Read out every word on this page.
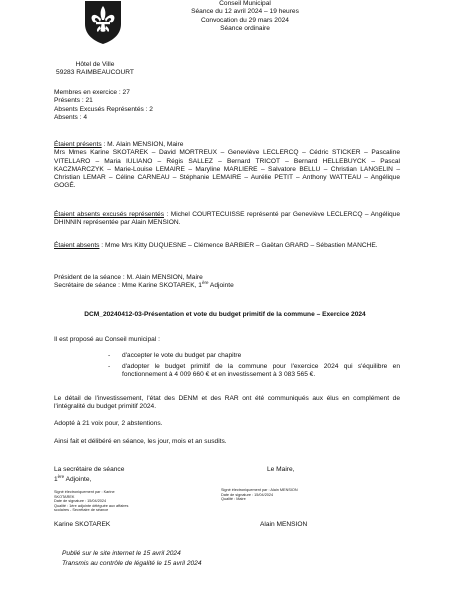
Conseil Municipal
Séance du 12 avril 2024 – 19 heures
Convocation du 29 mars 2024
Séance ordinaire
Hôtel de Ville
59283 RAIMBEAUCOURT
Membres en exercice : 27
Présents : 21
Absents Excusés Représentés : 2
Absents : 4
Étaient présents : M. Alain MENSION, Maire
Mrs Mmes Karine SKOTAREK – David MORTREUX – Geneviève LECLERCQ – Cédric STICKER – Pascaline VITELLARO – Maria IULIANO – Régis SALLEZ – Bernard TRICOT – Bernard HELLEBUYCK – Pascal KACZMARCZYK – Marie-Louise LEMAIRE – Maryline MARLIERE – Salvatore BELLU – Christian LANGELIN – Christian LEMAR – Céline CARNEAU – Stéphanie LEMAIRE – Aurélie PETIT – Anthony WATTEAU – Angélique GOGÉ.
Étaient absents excusés représentés : Michel COURTECUISSE représenté par Geneviève LECLERCQ – Angélique DHINNIN représentée par Alain MENSION.
Étaient absents : Mme Mrs Kitty DUQUESNE – Clémence BARBIER – Gaëtan GRARD – Sébastien MANCHE.
Président de la séance : M. Alain MENSION, Maire
Secrétaire de séance : Mme Karine SKOTAREK, 1ère Adjointe
DCM_20240412-03-Présentation et vote du budget primitif de la commune – Exercice 2024
Il est proposé au Conseil municipal :
- d'accepter le vote du budget par chapitre
- d'adopter le budget primitif de la commune pour l'exercice 2024 qui s'équilibre en fonctionnement à 4 009 660 € et en investissement à 3 083 565 €.
Le détail de l'investissement, l'état des DENM et des RAR ont été communiqués aux élus en complément de l'intégralité du budget primitif 2024.
Adopté à 21 voix pour, 2 abstentions.
Ainsi fait et délibéré en séance, les jour, mois et an susdits.
La secrétaire de séance	Le Maire,
1ère Adjointe,
Signé électroniquement par : Karine
SKOTAREK
Date de signature : 15/04/2024
Qualité : 1ère adjointe déléguée aux affaires
scolaires - Secrétaire de séance
Signé électroniquement par : Alain MENSION
Date de signature : 15/04/2024
Qualité : Maire
Karine SKOTAREK	Alain MENSION
Publié sur le site internet le 15 avril 2024
Transmis au contrôle de légalité le 15 avril 2024
